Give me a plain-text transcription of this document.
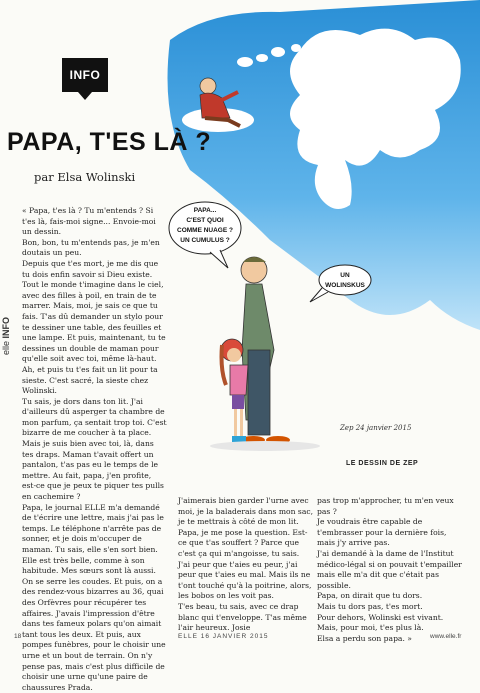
PAPA...
C'EST QUOI
COMME NUAGE ?
UN CUMULUS ?
UN
WOLINSKUS
Zep 24 janvier 2015
INFO
PAPA, T'ES LÀ ?
par Elsa Wolinski
elle INFO

« Papa, t'es là ? Tu m'entends ? Si t'es là, fais-moi signe... Envoie-moi un dessin.

Bon, bon, tu m'entends pas, je m'en doutais un peu.

Depuis que t'es mort, je me dis que tu dois enfin savoir si Dieu existe.

Tout le monde t'imagine dans le ciel, avec des filles à poil, en train de te marrer. Mais, moi, je sais ce que tu fais. T'as dû demander un stylo pour te dessiner une table, des feuilles et une lampe. Et puis, maintenant, tu te dessines un double de maman pour qu'elle soit avec toi, même là-haut. Ah, et puis tu t'es fait un lit pour ta sieste. C'est sacré, la sieste chez Wolinski.

Tu sais, je dors dans ton lit. J'ai d'ailleurs dû asperger ta chambre de mon parfum, ça sentait trop toi. C'est bizarre de me coucher à ta place. Mais je suis bien avec toi, là, dans tes draps. Maman t'avait offert un pantalon, t'as pas eu le temps de le mettre. Au fait, papa, j'en profite, est-ce que je peux te piquer tes pulls en cachemire ?

Papa, le journal ELLE m'a demandé de t'écrire une lettre, mais j'ai pas le temps. Le téléphone n'arrête pas de sonner, et je dois m'occuper de maman. Tu sais, elle s'en sort bien. Elle est très belle, comme à son habitude. Mes sœurs sont là aussi. On se serre les coudes. Et puis, on a des rendez-vous bizarres au 36, quai des Orfèvres pour récupérer tes affaires. J'avais l'impression d'être dans tes fameux polars qu'on aimait tant tous les deux. Et puis, aux pompes funèbres, pour le choisir une urne et un bout de terrain. On n'y pense pas, mais c'est plus difficile de choisir une urne qu'une paire de chaussures Prada.

LE DESSIN DE ZEP

J'aimerais bien garder l'urne avec moi, je la baladerais dans mon sac, je te mettrais à côté de mon lit.

Papa, je me pose la question. Est-ce que t'as souffert ? Parce que c'est ça qui m'angoisse, tu sais. J'ai peur que t'aies eu peur, j'ai peur que t'aies eu mal. Mais ils ne t'ont touché qu'à la poitrine, alors, les bobos on les voit pas.

T'es beau, tu sais, avec ce drap blanc qui t'enveloppe. T'as même l'air heureux. Josie

pas trop m'approcher, tu m'en veux pas ?

Je voudrais être capable de t'embrasser pour la dernière fois, mais j'y arrive pas.

J'ai demandé à la dame de l'Institut médico-légal si on pouvait t'empailler mais elle m'a dit que c'était pas possible.

Papa, on dirait que tu dors.

Mais tu dors pas, t'es mort.

Pour dehors, Wolinski est vivant.

Mais, pour moi, t'es plus là.

Elsa a perdu son papa. »

18	ELLE 16 JANVIER 2015	www.elle.fr
